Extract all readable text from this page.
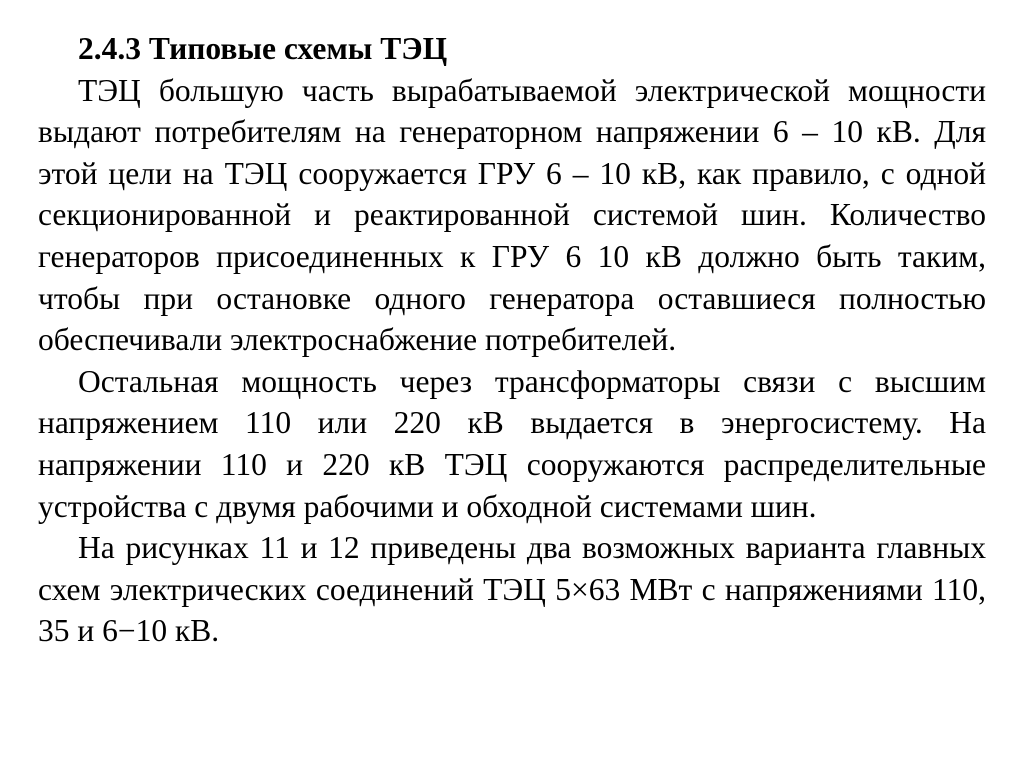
2.4.3 Типовые схемы ТЭЦ

ТЭЦ большую часть вырабатываемой электрической мощности выдают потребителям на генераторном напряжении 6 – 10 кВ. Для этой цели на ТЭЦ сооружается ГРУ 6 – 10 кВ, как правило, с одной секционированной и реактированной системой шин. Количество генераторов присоединенных к ГРУ 6 10 кВ должно быть таким, чтобы при остановке одного генератора оставшиеся полностью обеспечивали электроснабжение потребителей.

Остальная мощность через трансформаторы связи с высшим напряжением 110 или 220 кВ выдается в энергосистему. На напряжении 110 и 220 кВ ТЭЦ сооружаются распределительные устройства с двумя рабочими и обходной системами шин.

На рисунках 11 и 12 приведены два возможных варианта главных схем электрических соединений ТЭЦ 5×63 МВт с напряжениями 110, 35 и 6−10 кВ.
